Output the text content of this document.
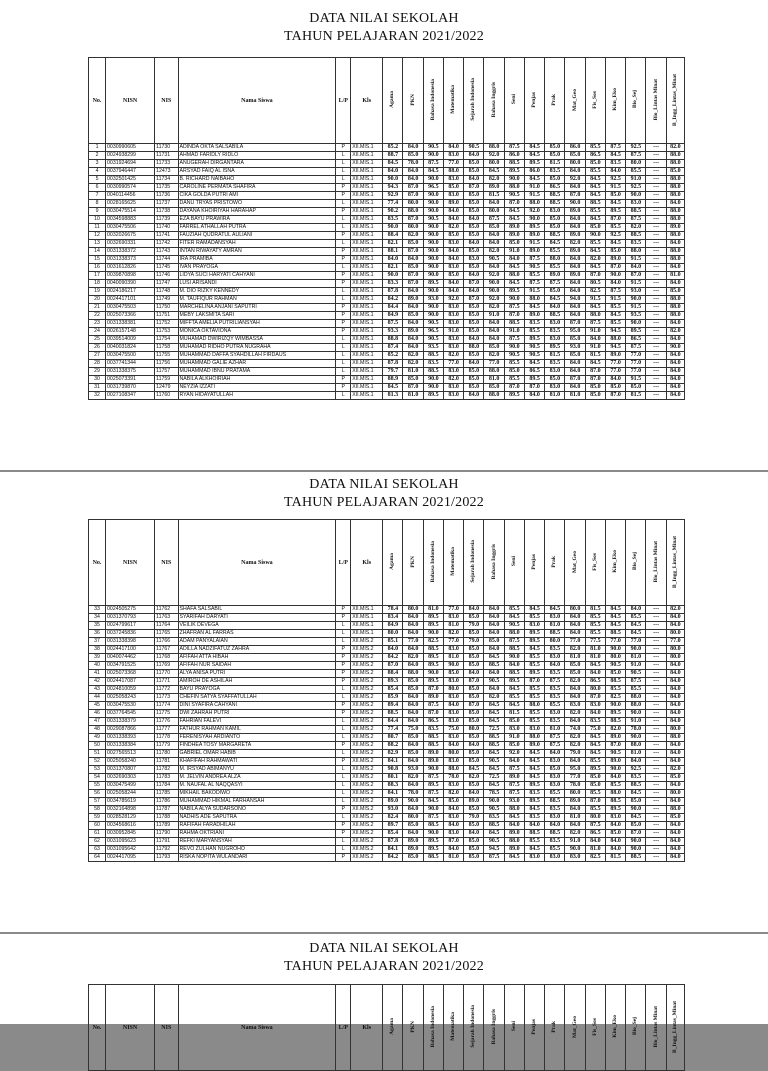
DATA NILAI SEKOLAH
TAHUN PELAJARAN 2021/2022
No.	NISN	NIS	Nama Siswa	L/P	Kls	Agama	PKN	Bahasa Indonesia	Matematika	Sejarah Indonesia	Bahasa Inggris	Seni	Penjas	Prak	Mat_Geo	Fis_Sos	Kim_Eko	Bio_Sej	Bio_Lintas Minat	B_Ingg_Lintas_Minat
1	0030990605	11730	ADINDA OKTA SALSABILA	P	XII.MIS.1	85.2	84.0	90.5	84.0	90.5	88.0	87.5	84.5	85.0	86.0	85.5	87.5	92.5	---	82.0
2	0024938299	11731	AHMAD FARIDLY RIDLO	L	XII.MIS.1	88.7	85.0	90.0	83.0	84.0	92.0	86.0	84.5	85.0	85.0	86.5	84.5	87.5	---	88.0
3	0031924694	11733	ANUGERAH DIRGANTARA	L	XII.MIS.1	84.5	78.0	87.5	77.0	85.0	80.0	88.5	89.5	81.5	80.0	85.0	83.5	80.0	---	88.0
4	0037946447	12473	ARSYAD FAIQ AL ISNA	L	XII.MIS.1	84.0	84.0	84.5	88.0	85.0	84.5	89.5	86.0	83.5	84.0	85.5	84.0	85.5	---	85.0
5	0032501425	11734	B. RICHARD NAIBAHO	L	XII.MIS.1	90.0	84.0	90.0	83.0	84.0	82.0	90.0	84.5	85.0	92.0	84.5	92.5	91.0	---	88.0
6	0030990574	11735	CAROLINE PERMATA SHAFIRA	P	XII.MIS.1	94.3	87.0	96.5	85.0	87.0	89.0	88.0	91.0	86.5	84.0	84.5	91.5	92.5	---	88.0
7	0040114456	11736	CIKA GOLDA PUTRI AMI	P	XII.MIS.1	92.9	87.0	90.0	83.0	85.0	81.5	90.5	91.5	88.5	87.0	84.5	85.0	90.0	---	88.0
8	0028165625	11737	DANU TRYAS PRISTOWO	L	XII.MIS.1	77.4	80.0	90.0	89.0	85.0	84.0	87.0	88.0	88.5	90.0	88.5	84.5	83.0	---	84.0
9	0030475514	11738	DAYANA KHOIRIYAH HARAHAP	P	XII.MIS.1	90.2	88.0	90.0	84.0	85.0	80.0	84.5	92.0	83.0	89.0	85.5	89.5	88.5	---	88.0
10	0034598883	11739	EZA BAYU PRAWIRA	L	XII.MIS.1	83.5	87.0	90.5	84.0	84.0	87.5	84.5	90.0	85.0	84.0	84.5	87.0	87.5	---	88.0
11	0030475506	11740	FARREL ATHALLAH PUTRA	L	XII.MIS.1	90.0	80.0	90.0	82.0	85.0	85.0	89.0	89.5	85.0	84.0	85.0	85.5	82.0	---	89.0
12	0032026675	11741	FAUZIAH QUDRATUL AULIANI	P	XII.MIS.1	88.4	82.0	90.0	85.0	85.0	84.0	89.0	89.0	88.5	89.0	90.0	92.5	88.5	---	88.0
13	0032690331	11742	FITER RAMADANSYAH	L	XII.MIS.1	82.1	85.0	90.0	83.0	84.0	84.0	85.0	91.5	84.5	82.0	85.5	84.5	83.5	---	84.0
14	0031338372	11743	INTAN RIWAYATY AMRAN	P	XII.MIS.1	88.1	87.0	90.0	84.0	85.0	82.0	91.0	89.0	85.5	89.0	84.5	85.0	88.0	---	88.0
15	0031338373	11744	IRA PRAMIBA	P	XII.MIS.1	84.0	84.0	90.0	84.0	83.0	90.5	84.0	87.5	88.0	84.0	82.0	89.0	91.5	---	88.0
16	0031612826	11745	IVAN PRAYOGA	L	XII.MIS.1	82.1	85.0	90.0	83.0	85.0	84.0	84.5	90.5	85.5	84.0	84.5	87.0	84.0	---	84.0
17	0039870898	11746	LIDYA SUCI HARYATI CAHYANI	P	XII.MIS.1	90.0	87.0	90.0	85.0	84.0	92.0	88.0	85.5	89.0	89.0	87.0	90.0	87.0	---	81.0
18	0040090390	11747	LUSI ARISANDI	P	XII.MIS.1	83.3	87.0	89.5	84.0	87.0	90.0	84.5	87.5	87.5	84.0	80.5	84.0	91.5	---	84.0
19	0024186217	11748	M. DIO RIZKY KENNEDY	L	XII.MIS.1	87.8	84.0	90.0	84.0	84.0	90.0	89.5	91.5	85.0	84.0	82.5	87.5	93.0	---	85.0
20	0024417101	11749	M. TAUFIQUR RAHMAN	L	XII.MIS.1	84.2	89.0	93.0	92.0	87.0	92.0	90.0	88.0	84.5	94.0	91.5	91.5	90.0	---	88.0
21	0030475503	11750	MARCHELINA ANJANI SAPUTRI	P	XII.MIS.1	84.4	84.0	90.0	83.0	85.0	82.0	87.5	84.5	84.0	84.0	84.5	85.5	91.5	---	88.0
22	0025073366	11751	MEBY LAKSMITA SARI	P	XII.MIS.1	84.9	85.0	90.0	83.0	85.0	91.0	87.0	89.0	88.5	84.0	88.0	84.5	93.5	---	88.0
23	0031338381	11752	MIFFTA AMELIA PUTRILIANSYAH	P	XII.MIS.1	87.5	84.0	90.5	83.0	85.0	84.0	88.5	83.5	83.0	87.0	87.5	85.5	90.0	---	84.0
24	0026157148	11753	MONICA OKTAVIONA	P	XII.MIS.1	93.3	89.0	96.5	91.0	85.0	84.0	91.0	85.5	83.5	95.0	91.0	94.5	89.5	---	82.0
25	0039514009	11754	MUHAMAD DWIRIZQY WIMBASSA	L	XII.MIS.1	88.8	84.0	90.5	83.0	84.0	84.0	87.5	89.5	83.0	85.0	84.0	88.0	86.5	---	84.0
26	0040031824	11758	MUHAMAD RIDHO PUTRA NUGRAHA	L	XII.MIS.1	87.4	84.0	93.5	83.0	88.0	85.0	90.0	90.5	89.5	93.0	91.0	94.5	87.5	---	90.0
27	0030475500	11755	MUHAMMAD DAFFA SYAHDILLAH FIRDAUS	L	XII.MIS.1	85.2	82.0	88.5	82.0	85.0	82.0	90.5	90.5	81.5	85.0	81.5	89.0	77.0	---	84.0
28	0037741344	11756	MUHAMMAD GALIE AZHAR	L	XII.MIS.1	87.8	82.0	83.5	77.0	84.0	77.0	85.5	84.5	83.5	84.0	84.5	77.0	77.0	---	84.0
29	0031338375	11757	MUHAMMAD IBNU PRATAMA	L	XII.MIS.1	79.7	81.0	88.5	83.0	85.0	88.0	85.0	86.5	83.0	84.0	87.0	77.0	77.0	---	84.0
30	0025073391	11759	NABILA ALKHOIRIAH	P	XII.MIS.1	88.9	85.0	90.0	82.0	85.0	81.0	85.5	89.5	85.0	87.0	87.0	84.0	91.5	---	84.0
31	0031739870	12479	NEYZIA IZZATI	P	XII.MIS.1	84.5	87.0	90.0	83.0	85.0	85.0	87.0	87.0	83.0	84.0	85.0	85.0	85.0	---	84.0
32	0027108347	11760	RYAN HIDAYATULLAH	L	XII.MIS.1	81.3	81.0	89.5	83.0	84.0	88.0	89.5	84.0	81.0	81.0	85.0	87.0	81.5	---	84.0
DATA NILAI SEKOLAH
TAHUN PELAJARAN 2021/2022
No.	NISN	NIS	Nama Siswa	L/P	Kls	Agama	PKN	Bahasa Indonesia	Matematika	Sejarah Indonesia	Bahasa Inggris	Seni	Penjas	Prak	Mat_Geo	Fis_Sos	Kim_Eko	Bio_Sej	Bio_Lintas Minat	B_Ingg_Lintas_Minat
33	0024505275	11762	SHAFA SALSABIL	P	XII.MIS.1	78.4	80.0	81.0	77.0	84.0	84.0	85.5	84.5	84.5	80.0	81.5	84.5	84.0	---	82.0
34	0031370793	11763	SYARIFAH DARYATI	P	XII.MIS.1	83.4	84.0	89.5	83.0	85.0	84.0	84.5	85.5	83.0	84.0	85.5	84.5	85.5	---	84.0
35	0024799617	11764	VEILIK DEVEGA	L	XII.MIS.1	84.9	84.0	89.5	81.0	79.0	84.0	90.5	83.0	81.0	84.0	85.5	84.5	84.5	---	84.0
36	0037245836	11765	ZHAFRAN AL FARRAS	L	XII.MIS.1	80.0	84.0	90.0	82.0	85.0	84.0	88.0	89.5	88.5	84.0	85.5	88.5	84.5	---	80.0
37	0031338398	11766	ADAM PANYALAIAN	L	XII.MIS.2	85.1	77.0	82.5	77.0	79.0	85.0	87.5	89.5	80.0	77.0	77.5	77.0	77.0	---	77.0
38	0024417100	11767	ADILLA NADZIFATUZ ZAHRA	P	XII.MIS.2	84.0	84.0	88.5	83.0	85.0	84.0	88.5	84.5	83.5	82.0	81.0	90.0	90.0	---	80.0
39	0040074462	11768	AFIFAH ATTA HIBAH	P	XII.MIS.2	84.2	82.0	89.5	81.0	85.0	84.5	90.0	85.5	83.0	81.0	81.0	80.0	81.0	---	80.0
40	0034791525	11769	AFIFAH NUR SAIDAH	P	XII.MIS.2	87.0	84.0	89.5	90.0	85.0	88.5	84.0	85.5	84.0	85.0	84.5	90.5	91.0	---	84.0
41	0025073368	11770	ALYA ANISA PUTRI	P	XII.MIS.2	88.4	88.0	90.0	85.0	84.0	84.0	88.5	89.5	83.5	85.0	84.0	85.0	90.5	---	84.0
42	0024417087	11771	AMIROH DE ASHILAH	P	XII.MIS.2	89.3	85.0	89.5	83.0	87.0	90.5	89.5	87.0	87.5	82.0	86.5	88.5	87.5	---	84.0
43	0024810059	11772	BAYU PRAYOGA	L	XII.MIS.2	85.4	85.0	87.0	80.0	85.0	84.0	84.5	85.5	83.5	84.0	80.0	85.5	85.5	---	84.0
44	0025058243	11773	CHEFIN SATYA SYAFFATULLAH	L	XII.MIS.2	85.9	84.0	89.0	83.0	85.0	82.0	85.5	85.5	83.5	84.0	87.0	82.5	88.0	---	84.0
45	0030475530	11774	DINI SYAFIRA CAHYANI	P	XII.MIS.2	89.4	84.0	87.5	84.0	87.0	84.5	84.5	88.0	85.5	83.0	83.0	90.0	88.0	---	84.0
46	0037764545	11775	DWI ZAHRAH PUTRI	P	XII.MIS.2	88.5	84.0	87.0	83.0	85.0	84.5	81.5	85.5	83.0	82.0	84.0	89.5	90.0	---	84.0
47	0031338379	11776	FAHRIAN FALEVI	L	XII.MIS.2	84.4	84.0	86.5	83.0	85.0	84.5	85.0	85.5	83.5	84.0	83.5	88.5	91.0	---	84.0
48	0029087866	11777	FATHUR RAHMAN KAMIL	L	XII.MIS.2	77.4	75.0	83.5	75.0	80.0	72.5	83.0	83.0	81.0	74.0	75.0	82.0	78.0	---	80.0
49	0031338393	11778	FERENISYAH ARDIANTO	L	XII.MIS.2	80.7	85.0	88.5	83.0	85.0	88.5	91.0	88.0	87.5	82.0	84.5	89.0	90.0	---	88.0
50	0031338384	11779	FINDHEA TOSY MARGARETA	P	XII.MIS.2	88.2	84.0	88.5	84.0	84.0	88.5	85.0	89.0	87.5	82.0	84.5	87.0	88.0	---	84.0
51	0027565513	11780	GABRIEL OMAR HABIB	L	XII.MIS.2	82.9	85.0	89.0	80.0	85.0	84.5	92.0	84.5	84.0	79.0	84.5	90.5	81.0	---	84.0
52	0025058240	11781	KHAFIFAH RAHMAWATI	P	XII.MIS.2	84.1	84.0	89.0	83.0	85.0	90.5	84.0	84.5	83.0	84.0	85.5	89.0	84.0	---	84.0
53	0031370807	11782	M. IRSYAD ABIMANYU	L	XII.MIS.2	90.8	93.0	90.0	88.0	84.5	84.5	87.5	84.5	85.0	95.0	89.5	90.0	92.5	---	82.0
54	0032690303	11783	M. JELVIN ANDREA ALZA	L	XII.MIS.2	80.1	82.0	87.5	78.0	82.0	72.5	89.0	84.5	83.0	77.0	85.0	84.0	83.5	---	85.0
55	0030475499	11784	M. NAUFAL AL NAQQASYI	L	XII.MIS.2	88.3	84.0	89.5	83.0	85.0	84.5	87.5	89.5	83.0	78.0	85.0	85.5	88.5	---	84.0
56	0025058244	11785	MIKHAIL BAKODIWO	L	XII.MIS.2	84.1	78.0	87.5	82.0	84.0	78.5	87.5	83.5	85.5	80.0	85.5	88.0	84.5	---	80.0
57	0034785619	11786	MUHAMMAD HIKMAL FARHANSAH	L	XII.MIS.2	89.0	90.0	84.5	85.0	89.0	90.0	93.0	89.5	88.5	89.0	87.0	88.5	85.0	---	84.0
58	0032164898	11787	NABILA ALYA SUDARSONO	P	XII.MIS.2	93.0	84.0	90.0	84.0	85.0	90.5	88.0	84.5	83.5	84.0	85.5	89.5	90.0	---	88.0
59	0028528129	11788	NADHIS ADE SAPUTRA	L	XII.MIS.2	82.4	80.0	87.5	83.0	79.0	83.5	84.5	83.5	83.0	81.0	80.0	83.0	84.5	---	85.0
60	0034568616	11789	RAFIFAH FARADHILAH	P	XII.MIS.2	89.7	85.0	88.5	84.0	85.0	88.5	84.0	84.0	84.0	84.0	87.5	84.0	85.0	---	84.0
61	0030952845	11790	RAHMA OKTRIANI	P	XII.MIS.2	85.4	84.0	90.0	83.0	84.0	84.5	89.0	88.5	88.5	82.0	86.5	85.0	87.0	---	84.0
62	0031095623	11791	REFKI MARYANSYAH	L	XII.MIS.2	87.8	89.0	89.5	87.0	85.0	90.5	88.0	85.5	83.5	91.0	84.0	84.0	90.0	---	84.0
63	0031095642	11792	REVO ZULHAN NUGROHO	L	XII.MIS.2	84.1	89.0	89.5	84.0	85.0	94.5	89.0	84.5	85.5	90.0	81.0	84.0	90.0	---	84.0
64	0024417095	11793	RISKA NOPITA WULANDARI	P	XII.MIS.2	84.2	85.0	88.5	81.0	85.0	87.5	84.5	83.0	83.0	83.0	82.5	81.5	88.5	---	84.0
DATA NILAI SEKOLAH
TAHUN PELAJARAN 2021/2022
No.	NISN	NIS	Nama Siswa	L/P	Kls	Agama	PKN	Bahasa Indonesia	Matematika	Sejarah Indonesia	Bahasa Inggris	Seni	Penjas	Prak	Mat_Geo	Fis_Sos	Kim_Eko	Bio_Sej	Bio_Lintas Minat	B_Ingg_Lintas_Minat
